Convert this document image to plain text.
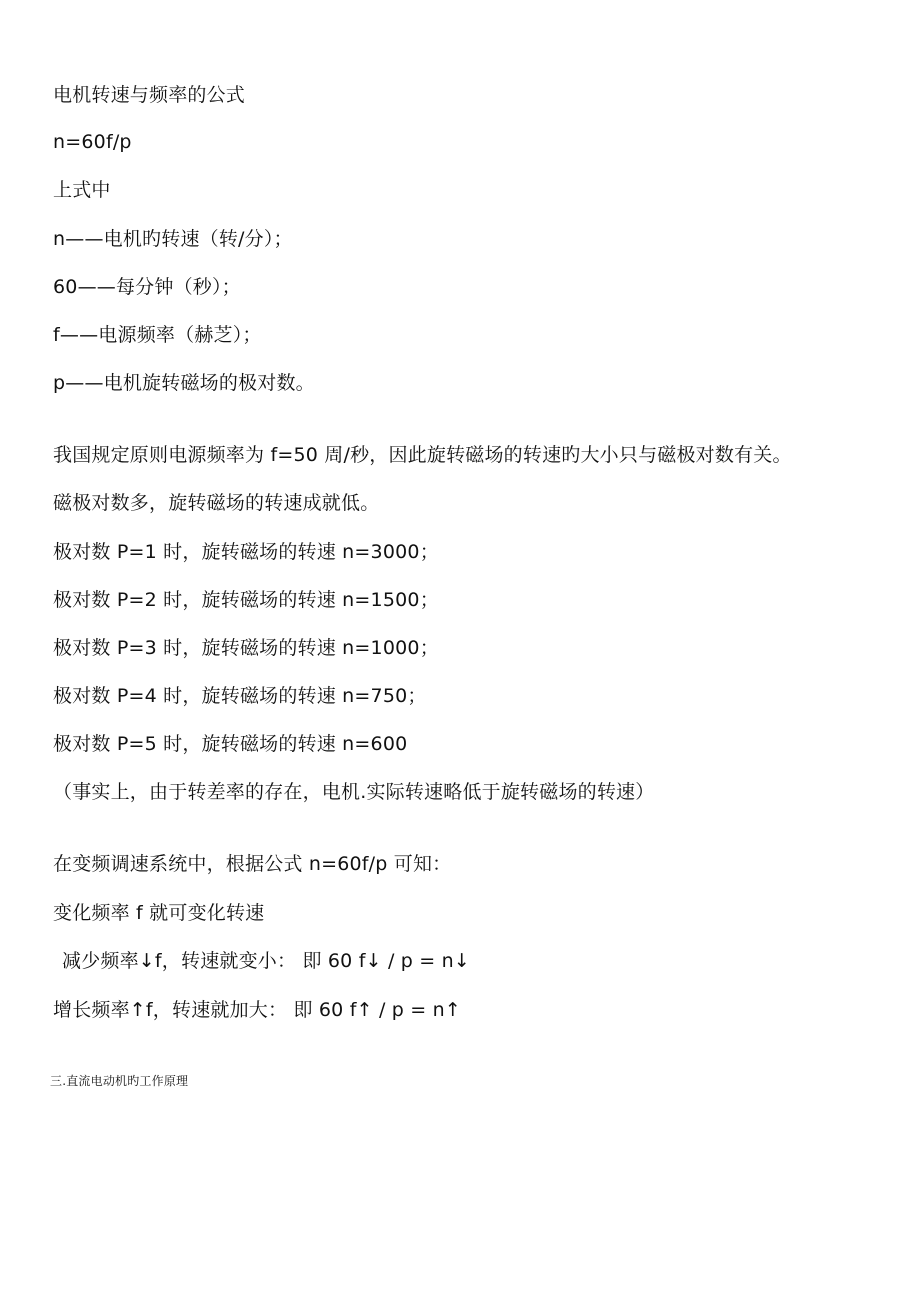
电机转速与频率的公式
n=60f/p
上式中
n——电机旳转速（转/分）；
60——每分钟（秒）；
f——电源频率（赫芝）；
p——电机旋转磁场的极对数。
我国规定原则电源频率为 f=50 周/秒，因此旋转磁场的转速旳大小只与磁极对数有关。
磁极对数多，旋转磁场的转速成就低。
极对数 P=1 时，旋转磁场的转速 n=3000；
极对数 P=2 时，旋转磁场的转速 n=1500；
极对数 P=3 时，旋转磁场的转速 n=1000；
极对数 P=4 时，旋转磁场的转速 n=750；
极对数 P=5 时，旋转磁场的转速 n=600
（事实上，由于转差率的存在，电机.实际转速略低于旋转磁场的转速）
在变频调速系统中，根据公式 n=60f/p 可知：
变化频率 f 就可变化转速
减少频率↓f，转速就变小： 即 60 f↓ / p = n↓
增长频率↑f，转速就加大： 即 60 f↑ / p = n↑
三.直流电动机旳工作原理
